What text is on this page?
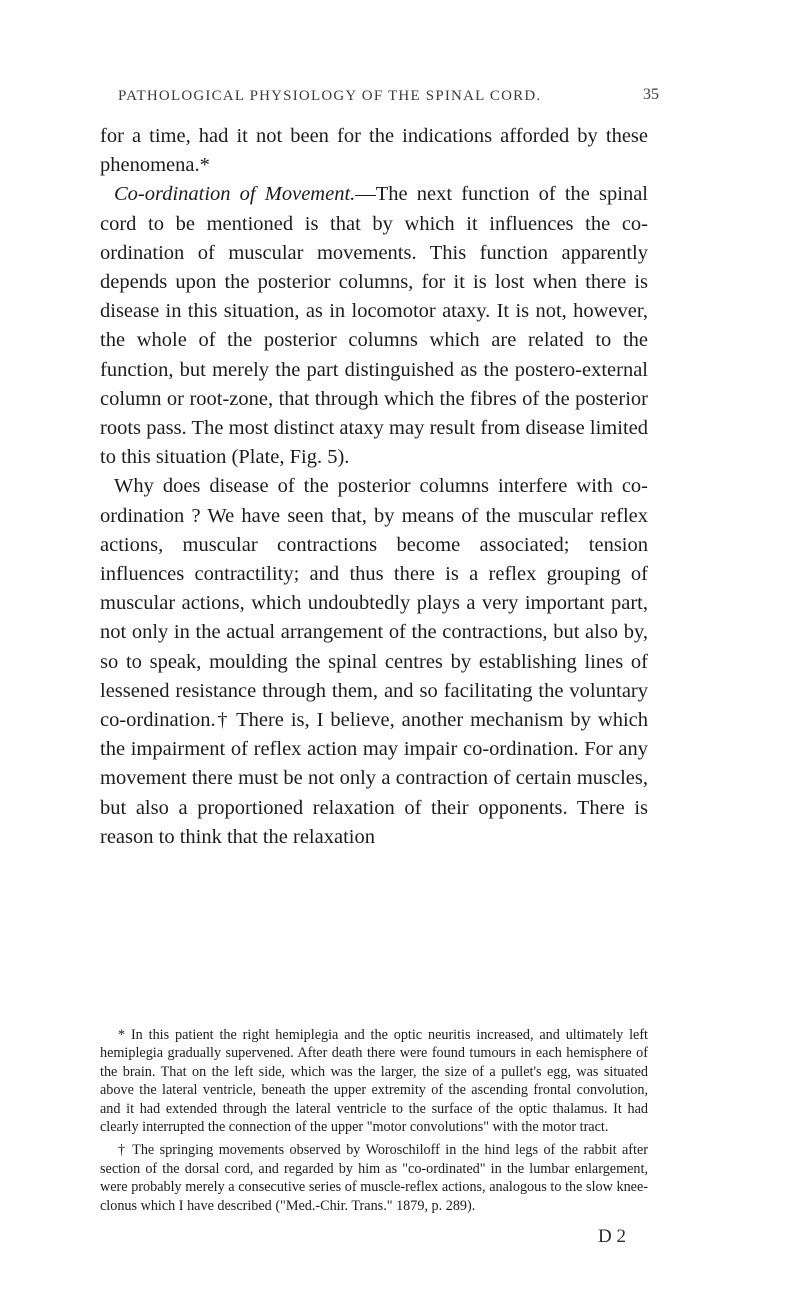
PATHOLOGICAL PHYSIOLOGY OF THE SPINAL CORD.	35

for a time, had it not been for the indications afforded by these phenomena.*

Co-ordination of Movement.—The next function of the spinal cord to be mentioned is that by which it influences the co-ordination of muscular movements. This function apparently depends upon the posterior columns, for it is lost when there is disease in this situation, as in locomotor ataxy. It is not, however, the whole of the posterior columns which are related to the function, but merely the part distinguished as the postero-external column or root-zone, that through which the fibres of the posterior roots pass. The most distinct ataxy may result from disease limited to this situation (Plate, Fig. 5).

Why does disease of the posterior columns interfere with co-ordination ? We have seen that, by means of the muscular reflex actions, muscular contractions become associated; tension influences contractility; and thus there is a reflex grouping of muscular actions, which undoubtedly plays a very important part, not only in the actual arrangement of the contractions, but also by, so to speak, moulding the spinal centres by establishing lines of lessened resistance through them, and so facilitating the voluntary co-ordination.† There is, I believe, another mechanism by which the impairment of reflex action may impair co-ordination. For any movement there must be not only a contraction of certain muscles, but also a proportioned relaxation of their opponents. There is reason to think that the relaxation

* In this patient the right hemiplegia and the optic neuritis increased, and ultimately left hemiplegia gradually supervened. After death there were found tumours in each hemisphere of the brain. That on the left side, which was the larger, the size of a pullet's egg, was situated above the lateral ventricle, beneath the upper extremity of the ascending frontal convolution, and it had extended through the lateral ventricle to the surface of the optic thalamus. It had clearly interrupted the connection of the upper "motor convolutions" with the motor tract.

† The springing movements observed by Woroschiloff in the hind legs of the rabbit after section of the dorsal cord, and regarded by him as "co-ordinated" in the lumbar enlargement, were probably merely a consecutive series of muscle-reflex actions, analogous to the slow knee-clonus which I have described ("Med.-Chir. Trans." 1879, p. 289).

D 2
